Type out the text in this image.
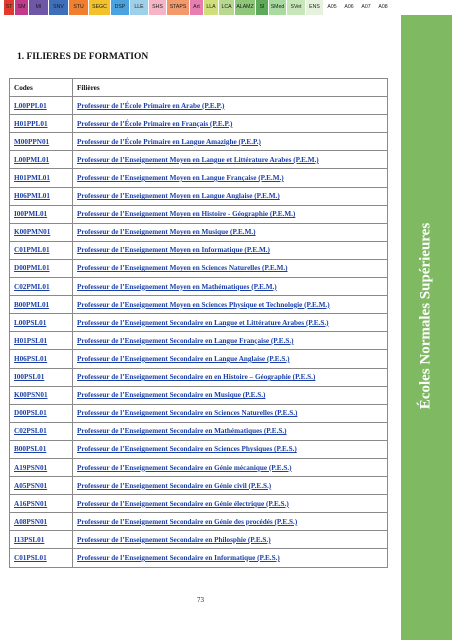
ST	SM	MI	SNV	STU	SEGC	DSP	LLE	SHS	STAPS	Art	LLA	LCA ALAMZ	SI	SMed	SVet	ENS	A05	A06	A07	A08
Écoles Normales Supérieures
1. FILIERES DE FORMATION
Codes	Filières
L00PPL01	Professeur de l’École Primaire en Arabe (P.E.P.)
H01PPL01	Professeur de l’École Primaire en Français (P.E.P.)
M00PPN01	Professeur de l’École Primaire en Langue Amazighe (P.E.P.)
L00PML01	Professeur de l’Enseignement Moyen en Langue et Littérature Arabes (P.E.M.)
H01PML01	Professeur de l’Enseignement Moyen en Langue Française (P.E.M.)
H06PML01	Professeur de l’Enseignement Moyen en Langue Anglaise (P.E.M.)
I00PML01	Professeur de l’Enseignement Moyen en Histoire - Géographie (P.E.M.)
K00PMN01	Professeur de l’Enseignement Moyen en Musique (P.E.M.)
C01PML01	Professeur de l’Enseignement Moyen en Informatique (P.E.M.)
D00PML01	Professeur de l’Enseignement Moyen en Sciences Naturelles (P.E.M.)
C02PML01	Professeur de l’Enseignement Moyen en Mathématiques (P.E.M.)
B00PML01	Professeur de l’Enseignement Moyen en Sciences Physique et Technologie (P.E.M.)
L00PSL01	Professeur de l’Enseignement Secondaire en Langue et Littérature Arabes (P.E.S.)
H01PSL01	Professeur de l’Enseignement Secondaire en Langue Française (P.E.S.)
H06PSL01	Professeur de l’Enseignement Secondaire en Langue Anglaise (P.E.S.)
I00PSL01	Professeur de l’Enseignement Secondaire en en Histoire – Géographie (P.E.S.)
K00PSN01	Professeur de l’Enseignement Secondaire en Musique (P.E.S.)
D00PSL01	Professeur de l’Enseignement Secondaire en Sciences Naturelles (P.E.S.)
C02PSL01	Professeur de l’Enseignement Secondaire en Mathématiques (P.E.S.)
B00PSL01	Professeur de l’Enseignement Secondaire en Sciences Physiques (P.E.S.)
A19PSN01	Professeur de l’Enseignement Secondaire en Génie mécanique (P.E.S.)
A05PSN01	Professeur de l’Enseignement Secondaire en Génie civil (P.E.S.)
A16PSN01	Professeur de l’Enseignement Secondaire en Génie électrique (P.E.S.)
A08PSN01	Professeur de l’Enseignement Secondaire en Génie des procédés (P.E.S.)
I13PSL01	Professeur de l’Enseignement Secondaire en Philosphie (P.E.S.)
C01PSL01	Professeur de l’Enseignement Secondaire en Informatique (P.E.S.)
73
